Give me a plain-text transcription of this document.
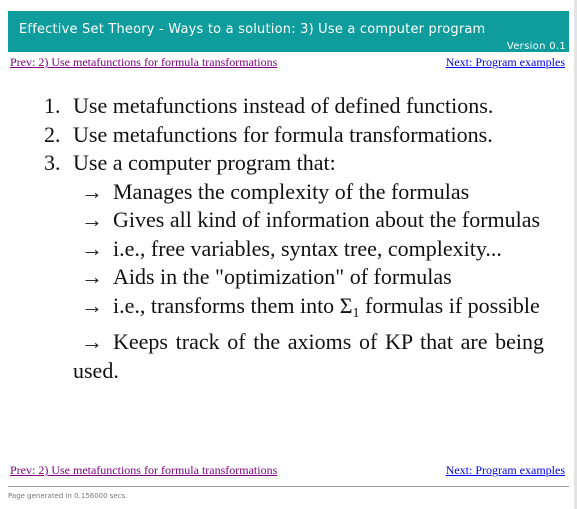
Effective Set Theory - Ways to a solution: 3) Use a computer program
Version 0.1
Prev: 2) Use metafunctions for formula transformations	Next: Program examples
1. Use metafunctions instead of defined functions.
2. Use metafunctions for formula transformations.
3. Use a computer program that:
→ Manages the complexity of the formulas
→ Gives all kind of information about the formulas
→ i.e., free variables, syntax tree, complexity...
→ Aids in the "optimization" of formulas
→ i.e., transforms them into Σ1 formulas if possible
→ Keeps track of the axioms of KP that are being used.
Prev: 2) Use metafunctions for formula transformations	Next: Program examples
Page generated in 0.156000 secs.
